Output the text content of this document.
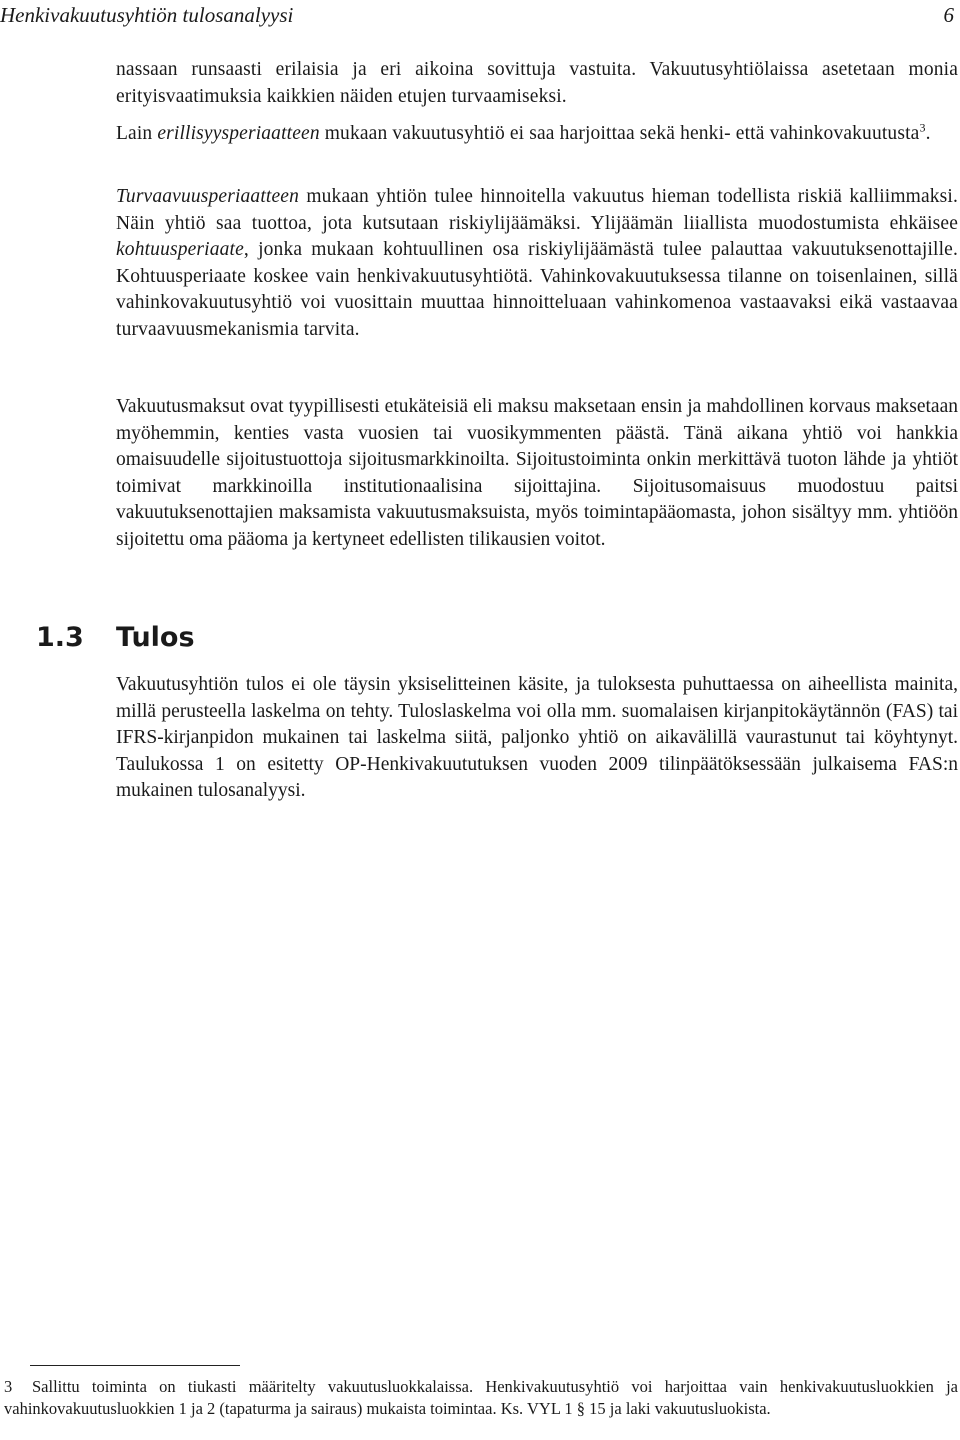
Henkivakuutusyhtiön tulosanalyysi	6

nassaan runsaasti erilaisia ja eri aikoina sovittuja vastuita. Vakuutusyhtiölaissa asetetaan monia erityisvaatimuksia kaikkien näiden etujen turvaamiseksi.

Lain erillisyysperiaatteen mukaan vakuutusyhtiö ei saa harjoittaa sekä henki- että vahinkovakuutusta$^3$.

Turvaavuusperiaatteen mukaan yhtiön tulee hinnoitella vakuutus hieman todellista riskiä kalliimmaksi. Näin yhtiö saa tuottoa, jota kutsutaan riskiylijäämäksi. Ylijäämän liiallista muodostumista ehkäisee kohtuusperiaate, jonka mukaan kohtuullinen osa riskiylijäämästä tulee palauttaa vakuutuksenottajille. Kohtuusperiaate koskee vain henkivakuutusyhtiötä. Vahinkovakuutuksessa tilanne on toisenlainen, sillä vahinkovakuutusyhtiö voi vuosittain muuttaa hinnoitteluaan vahinkomenoa vastaavaksi eikä vastaavaa turvaavuusmekanismia tarvita.

Vakuutusmaksut ovat tyypillisesti etukäteisiä eli maksu maksetaan ensin ja mahdollinen korvaus maksetaan myöhemmin, kenties vasta vuosien tai vuosikymmenten päästä. Tänä aikana yhtiö voi hankkia omaisuudelle sijoitustuottoja sijoitusmarkkinoilta. Sijoitustoiminta onkin merkittävä tuoton lähde ja yhtiöt toimivat markkinoilla institutionaalisina sijoittajina. Sijoitusomaisuus muodostuu paitsi vakuutuksenottajien maksamista vakuutusmaksuista, myös toimintapääomasta, johon sisältyy mm. yhtiöön sijoitettu oma pääoma ja kertyneet edellisten tilikausien voitot.

1.3 Tulos

Vakuutusyhtiön tulos ei ole täysin yksiselitteinen käsite, ja tuloksesta puhuttaessa on aiheellista mainita, millä perusteella laskelma on tehty. Tuloslaskelma voi olla mm. suomalaisen kirjanpitokäytännön (FAS) tai IFRS-kirjanpidon mukainen tai laskelma siitä, paljonko yhtiö on aikavälillä vaurastunut tai köyhtynyt. Taulukossa 1 on esitetty OP-Henkivakuututuksen vuoden 2009 tilinpäätöksessään julkaisema FAS:n mukainen tulosanalyysi.

3	Sallittu toiminta on tiukasti määritelty vakuutusluokkalaissa. Henkivakuutusyhtiö voi harjoittaa vain henkivakuutusluokkien ja vahinkovakuutusluokkien 1 ja 2 (tapaturma ja sairaus) mukaista toimintaa. Ks. VYL 1 § 15 ja laki vakuutusluokista.
